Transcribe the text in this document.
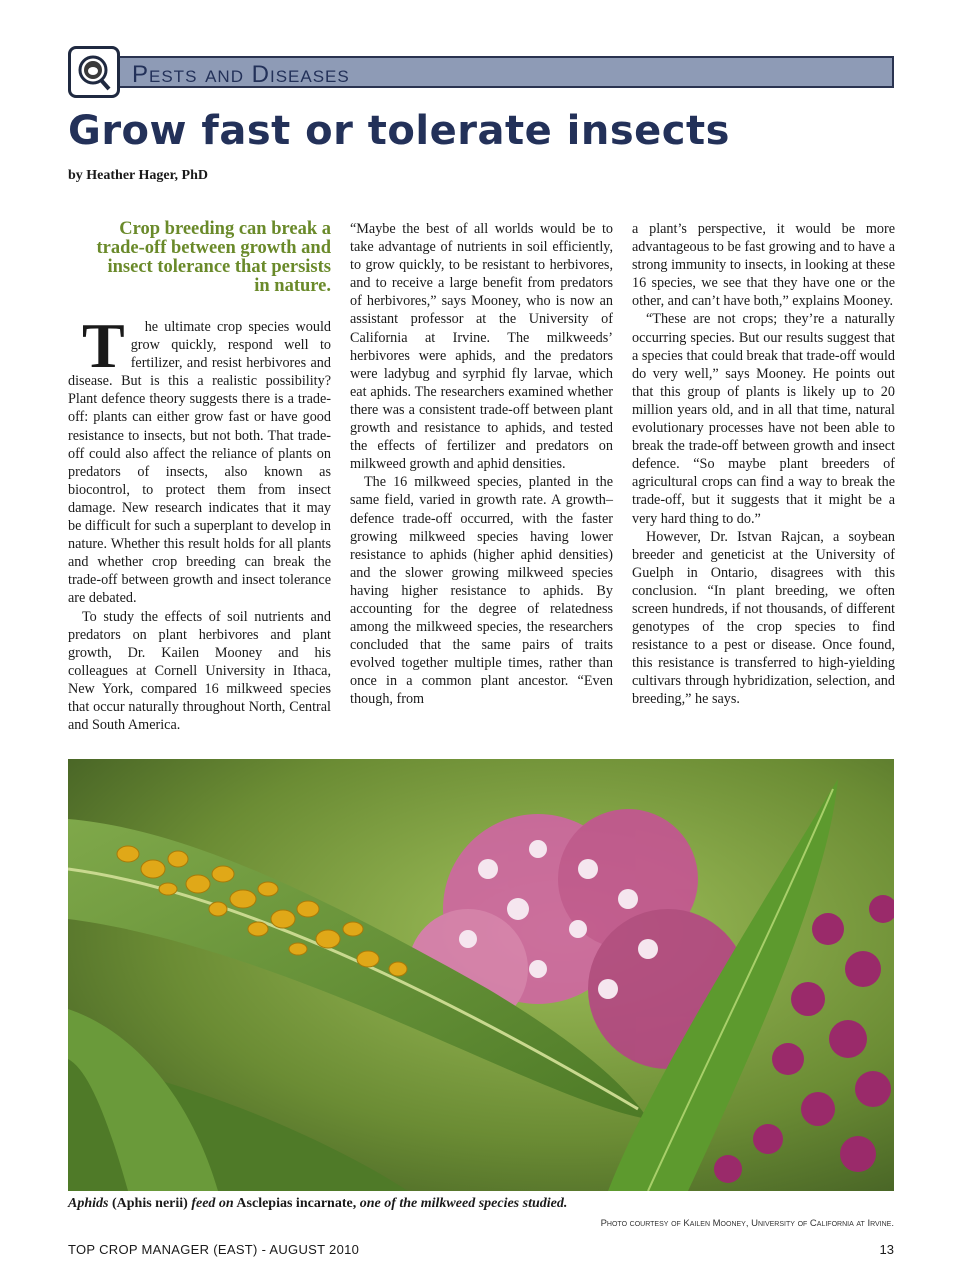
Pests and Diseases
Grow fast or tolerate insects
by Heather Hager, PhD

Crop breeding can break a trade-off between growth and insect tolerance that persists in nature.

T he ultimate crop species would grow quickly, respond well to fertilizer, and resist herbivores and disease. But is this a realistic possibility? Plant defence theory suggests there is a trade-off: plants can either grow fast or have good resistance to insects, but not both. That trade-off could also affect the reliance of plants on predators of insects, also known as biocontrol, to protect them from insect damage. New research indicates that it may be difficult for such a superplant to develop in nature. Whether this result holds for all plants and whether crop breeding can break the trade-off between growth and insect tolerance are debated.

To study the effects of soil nutrients and predators on plant herbivores and plant growth, Dr. Kailen Mooney and his colleagues at Cornell University in Ithaca, New York, compared 16 milkweed species that occur naturally throughout North, Central and South America.

“Maybe the best of all worlds would be to take advantage of nutrients in soil efficiently, to grow quickly, to be resistant to herbivores, and to receive a large benefit from predators of herbivores,” says Mooney, who is now an assistant professor at the University of California at Irvine. The milkweeds’ herbivores were aphids, and the predators were ladybug and syrphid fly larvae, which eat aphids. The researchers examined whether there was a consistent trade-off between plant growth and resistance to aphids, and tested the effects of fertilizer and predators on milkweed growth and aphid densities.

The 16 milkweed species, planted in the same field, varied in growth rate. A growth–defence trade-off occurred, with the faster growing milkweed species having lower resistance to aphids (higher aphid densities) and the slower growing milkweed species having higher resistance to aphids. By accounting for the degree of relatedness among the milkweed species, the researchers concluded that the same pairs of traits evolved together multiple times, rather than once in a common plant ancestor. “Even though, from

a plant’s perspective, it would be more advantageous to be fast growing and to have a strong immunity to insects, in looking at these 16 species, we see that they have one or the other, and can’t have both,” explains Mooney.

“These are not crops; they’re a naturally occurring species. But our results suggest that a species that could break that trade-off would do very well,” says Mooney. He points out that this group of plants is likely up to 20 million years old, and in all that time, natural evolutionary processes have not been able to break the trade-off between growth and insect defence. “So maybe plant breeders of agricultural crops can find a way to break the trade-off, but it suggests that it might be a very hard thing to do.”

However, Dr. Istvan Rajcan, a soybean breeder and geneticist at the University of Guelph in Ontario, disagrees with this conclusion. “In plant breeding, we often screen hundreds, if not thousands, of different genotypes of the crop species to find resistance to a pest or disease. Once found, this resistance is transferred to high-yielding cultivars through hybridization, selection, and breeding,” he says.

Aphids (Aphis nerii) feed on Asclepias incarnate, one of the milkweed species studied.
Photo courtesy of Kailen Mooney, University of California at Irvine.
TOP CROP MANAGER (EAST) - AUGUST 2010	13
